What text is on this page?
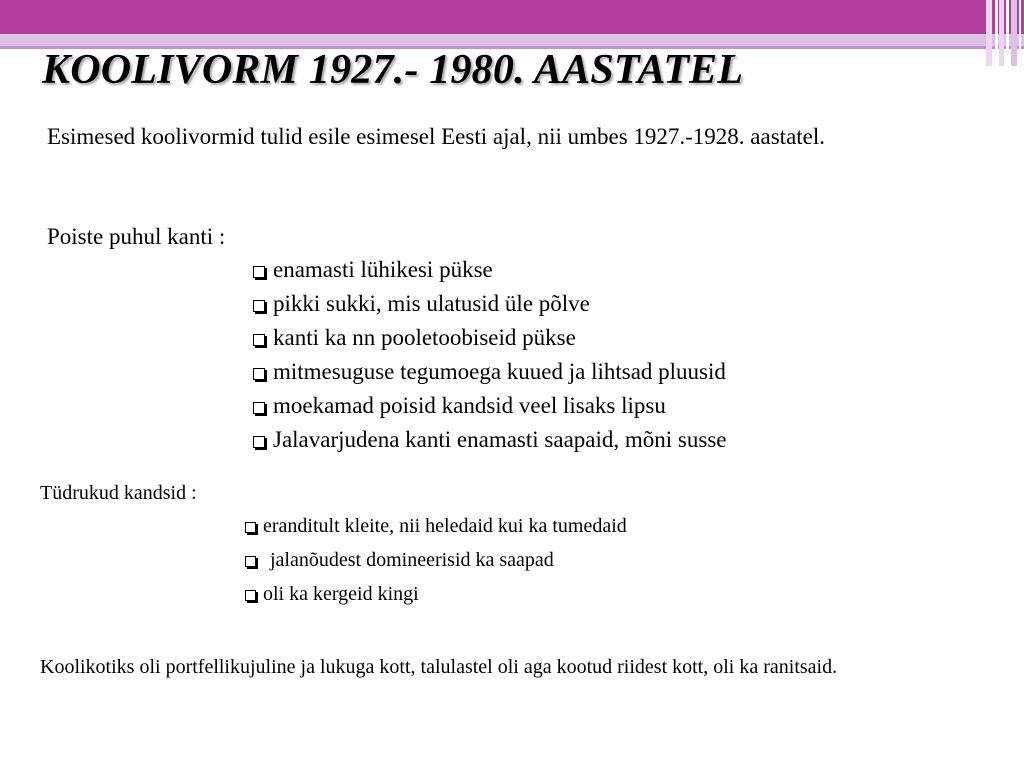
KOOLIVORM 1927.- 1980. AASTATEL

Esimesed koolivormid tulid esile esimesel Eesti ajal, nii umbes 1927.-1928. aastatel.

Poiste puhul kanti :

enamasti lühikesi pükse
pikki sukki, mis ulatusid üle põlve
kanti ka nn pooletoobiseid pükse
mitmesuguse tegumoega kuued ja lihtsad pluusid
moekamad poisid kandsid veel lisaks lipsu
Jalavarjudena kanti enamasti saapaid, mõni susse

Tüdrukud kandsid :

eranditult kleite, nii heledaid kui ka tumedaid
jalanõudest domineerisid ka saapad
oli ka kergeid kingi

Koolikotiks oli portfellikujuline ja lukuga kott, talulastel oli aga kootud riidest kott, oli ka ranitsaid.
